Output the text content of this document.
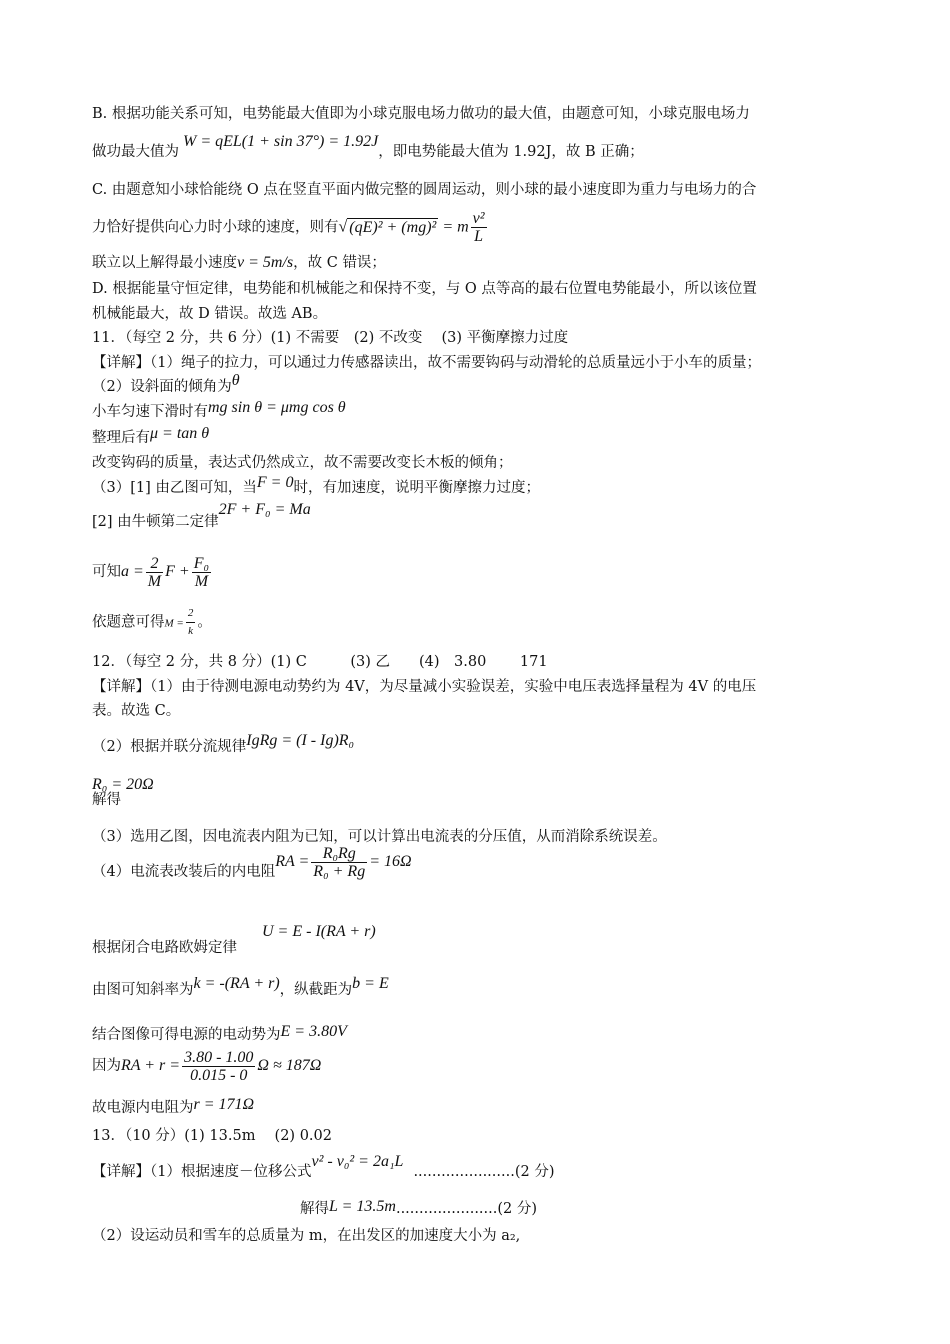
B. 根据功能关系可知，电势能最大值即为小球克服电场力做功的最大值，由题意可知，小球克服电场力
做功最大值为W = qEL(1 + sin 37°) = 1.92J，即电势能最大值为 1.92J，故 B 正确；
C. 由题意知小球恰能绕 O 点在竖直平面内做完整的圆周运动，则小球的最小速度即为重力与电场力的合
力恰好提供向心力时小球的速度，则有√ (qE)² + (mg)² = m $\frac{\text{v²}}{L}$
联立以上解得最小速度v = 5m/s，故 C 错误；
D. 根据能量守恒定律，电势能和机械能之和保持不变，与 O 点等高的最右位置电势能最小，所以该位置
机械能最大，故 D 错误。故选 AB。
11．（每空 2 分，共 6 分）(1) 不需要　(2) 不改变　 (3) 平衡摩擦力过度
【详解】（1）绳子的拉力，可以通过力传感器读出，故不需要钩码与动滑轮的总质量远小于小车的质量；
（2）设斜面的倾角为θ
小车匀速下滑时有mg sin θ = μmg cos θ
整理后有μ = tan θ
改变钩码的质量，表达式仍然成立，故不需要改变长木板的倾角；
（3）[1] 由乙图可知，当F = 0时，有加速度，说明平衡摩擦力过度；
[2] 由牛顿第二定律2F + F₀ = Ma
可知$a = \frac{2}{M}$ $F + \frac{\text{F₀}}{M}$
依题意可得$M = \frac{2}{k}$ 。
12．（每空 2 分，共 8 分）(1) C　　　(3) 乙　　(4)　3.80　　 171
【详解】（1）由于待测电源电动势约为 4V，为尽量减小实验误差，实验中电压表选择量程为 4V 的电压
表。故选 C。
（2）根据并联分流规律IgRg = (I - Ig)R₀
R₀ = 20Ω
解得
（3）选用乙图，因电流表内阻为已知，可以计算出电流表的分压值，从而消除系统误差。
（4）电流表改装后的内电阻RA = $\frac{\text{R₀Rg}}{\text{R₀ + Rg}} = 16\Omega$
U = E - I(RA + r)
根据闭合电路欧姆定律
由图可知斜率为k = -(RA + r)，纵截距为b = E
结合图像可得电源的电动势为E = 3.80V
因为RA + $r = \frac{3.80 - 1.00}{0.015 - 0}$ Ω ≈ 187Ω
故电源内电阻为r = 171Ω
13．（10 分）(1) 13.5m　 (2) 0.02
【详解】（1）根据速度－位移公式v² - v₀² = 2a₁L......................(2 分)
解得L = 13.5m......................(2 分)
（2）设运动员和雪车的总质量为 m，在出发区的加速度大小为 a₂,
